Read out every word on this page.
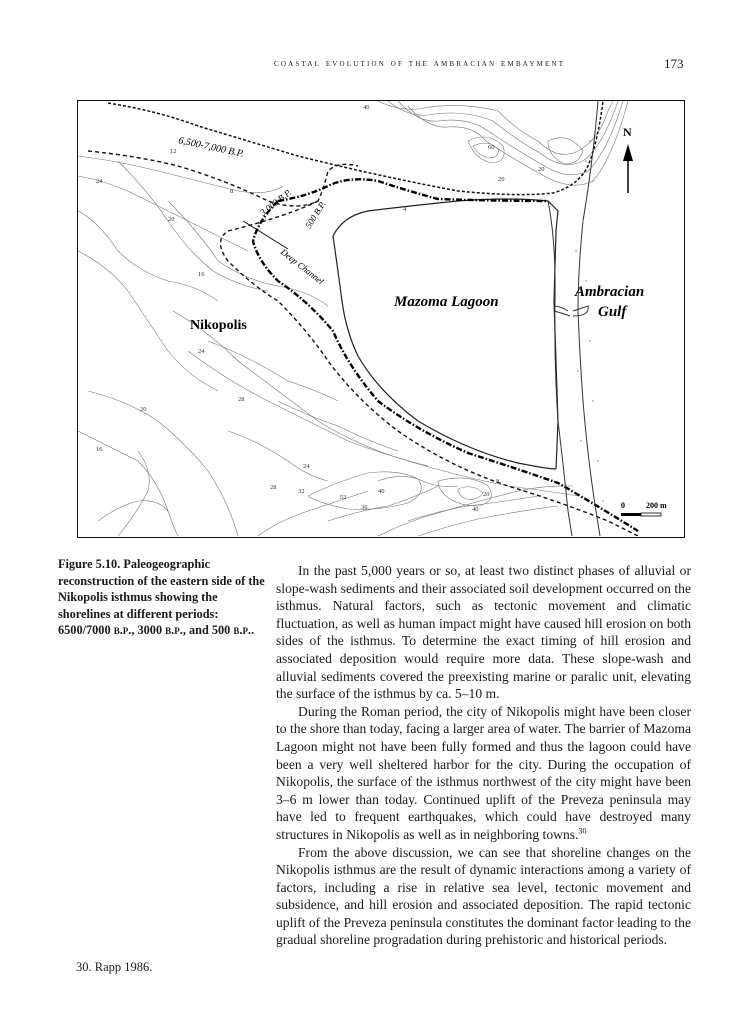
coastal evolution of the ambracian embayment	173
40
60
12
8
20
24
16
20
24
28
20
16
24
28
32
52
40
36
20
8
40
20
4
6,500-7,000 B.P.
3,000 B.P. 500 B.P.
Deep Channel
Mazoma Lagoon
Ambracian
Gulf
Nikopolis
N
0	200 m
Figure 5.10. Paleogeographic reconstruction of the eastern side of the Nikopolis isthmus showing the shorelines at different periods: 6500/7000 b.p., 3000 b.p., and 500 b.p..

In the past 5,000 years or so, at least two distinct phases of alluvial or slope-wash sediments and their associated soil development occurred on the isthmus. Natural factors, such as tectonic movement and climatic fluctuation, as well as human impact might have caused hill erosion on both sides of the isthmus. To determine the exact timing of hill erosion and associated deposition would require more data. These slope-wash and alluvial sediments covered the preexisting marine or paralic unit, elevating the surface of the isthmus by ca. 5–10 m.

During the Roman period, the city of Nikopolis might have been closer to the shore than today, facing a larger area of water. The barrier of Mazoma Lagoon might not have been fully formed and thus the lagoon could have been a very well sheltered harbor for the city. During the occupation of Nikopolis, the surface of the isthmus northwest of the city might have been 3–6 m lower than today. Continued uplift of the Preveza peninsula may have led to frequent earthquakes, which could have destroyed many structures in Nikopolis as well as in neighboring towns.$^{30}$

From the above discussion, we can see that shoreline changes on the Nikopolis isthmus are the result of dynamic interactions among a variety of factors, including a rise in relative sea level, tectonic movement and subsidence, and hill erosion and associated deposition. The rapid tectonic uplift of the Preveza peninsula constitutes the dominant factor leading to the gradual shoreline progradation during prehistoric and historical periods.

30. Rapp 1986.
